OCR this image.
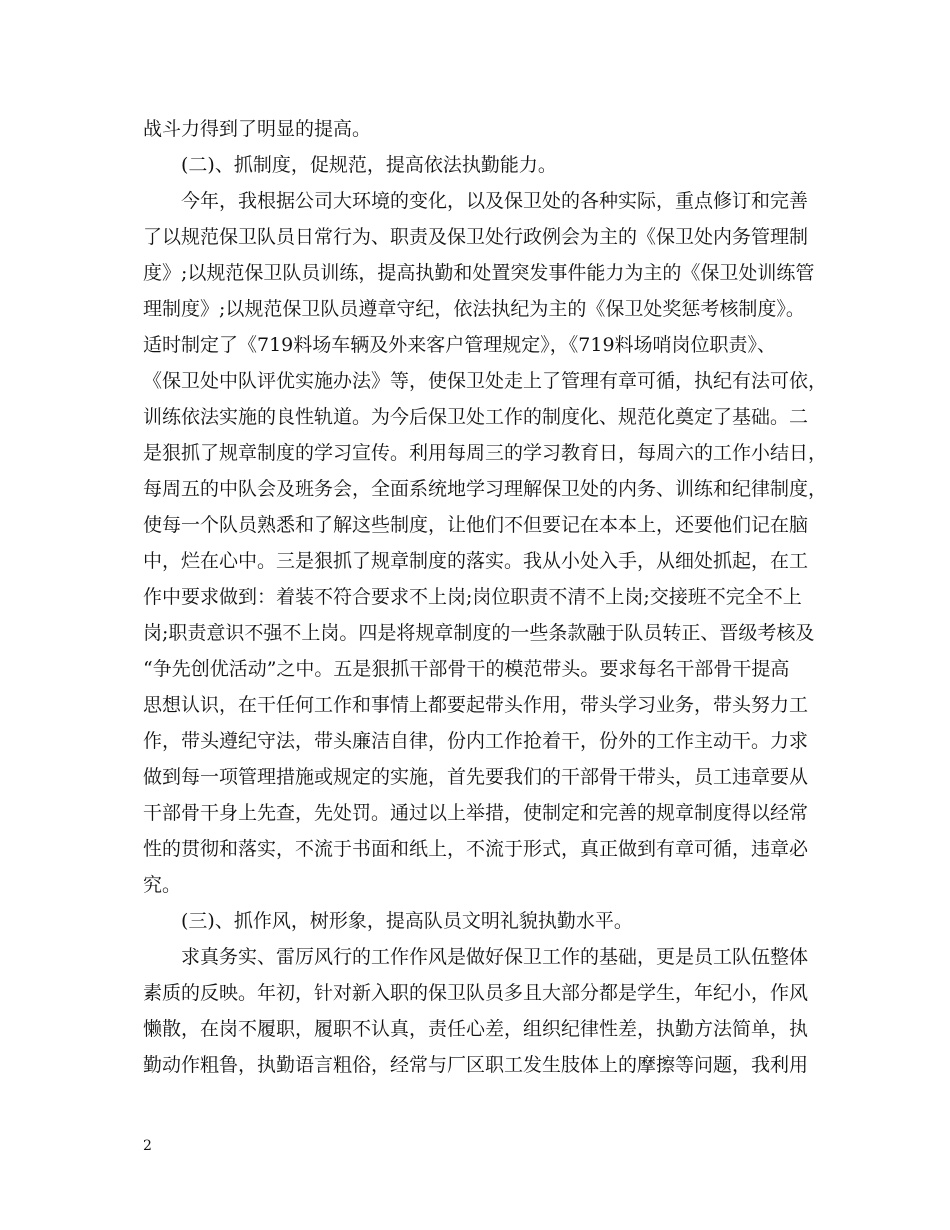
战斗力得到了明显的提高。
(二)、抓制度，促规范，提高依法执勤能力。
今年，我根据公司大环境的变化，以及保卫处的各种实际，重点修订和完善
了以规范保卫队员日常行为、职责及保卫处行政例会为主的《保卫处内务管理制
度》;以规范保卫队员训练，提高执勤和处置突发事件能力为主的《保卫处训练管
理制度》;以规范保卫队员遵章守纪，依法执纪为主的《保卫处奖惩考核制度》。
适时制定了《719料场车辆及外来客户管理规定》，《719料场哨岗位职责》、
《保卫处中队评优实施办法》等，使保卫处走上了管理有章可循，执纪有法可依，
训练依法实施的良性轨道。为今后保卫处工作的制度化、规范化奠定了基础。二
是狠抓了规章制度的学习宣传。利用每周三的学习教育日，每周六的工作小结日，
每周五的中队会及班务会，全面系统地学习理解保卫处的内务、训练和纪律制度，
使每一个队员熟悉和了解这些制度，让他们不但要记在本本上，还要他们记在脑
中，烂在心中。三是狠抓了规章制度的落实。我从小处入手，从细处抓起，在工
作中要求做到：着装不符合要求不上岗;岗位职责不清不上岗;交接班不完全不上
岗;职责意识不强不上岗。四是将规章制度的一些条款融于队员转正、晋级考核及
“争先创优活动”之中。五是狠抓干部骨干的模范带头。要求每名干部骨干提高
思想认识，在干任何工作和事情上都要起带头作用，带头学习业务，带头努力工
作，带头遵纪守法，带头廉洁自律，份内工作抢着干，份外的工作主动干。力求
做到每一项管理措施或规定的实施，首先要我们的干部骨干带头，员工违章要从
干部骨干身上先查，先处罚。通过以上举措，使制定和完善的规章制度得以经常
性的贯彻和落实，不流于书面和纸上，不流于形式，真正做到有章可循，违章必
究。
(三)、抓作风，树形象，提高队员文明礼貌执勤水平。
求真务实、雷厉风行的工作作风是做好保卫工作的基础，更是员工队伍整体
素质的反映。年初，针对新入职的保卫队员多且大部分都是学生，年纪小，作风
懒散，在岗不履职，履职不认真，责任心差，组织纪律性差，执勤方法简单，执
勤动作粗鲁，执勤语言粗俗，经常与厂区职工发生肢体上的摩擦等问题，我利用
2
